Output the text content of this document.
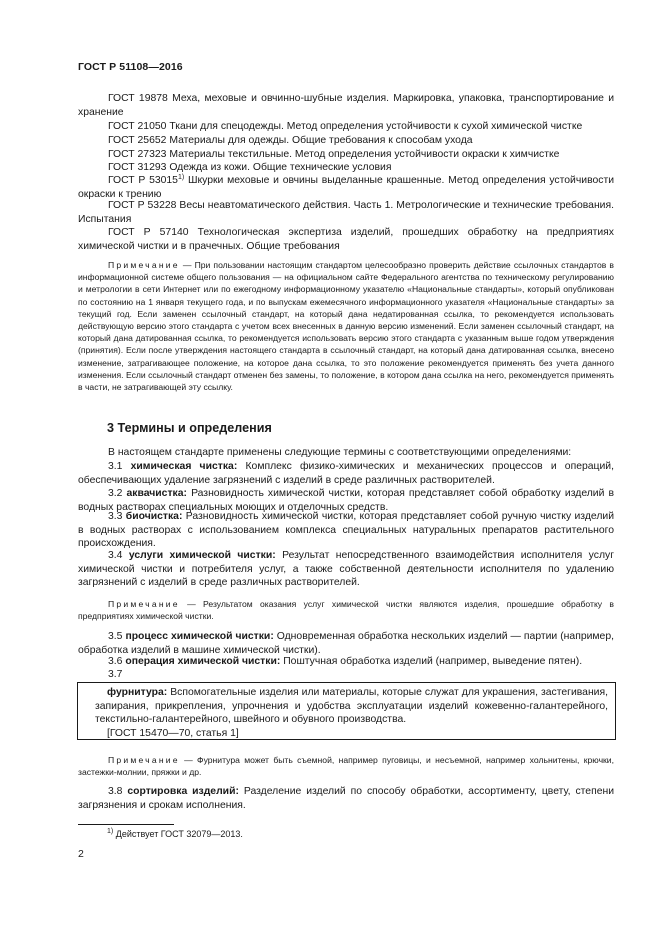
ГОСТ Р 51108—2016
ГОСТ 19878 Меха, меховые и овчинно-шубные изделия. Маркировка, упаковка, транспортирование и хранение
ГОСТ 21050 Ткани для спецодежды. Метод определения устойчивости к сухой химической чистке
ГОСТ 25652 Материалы для одежды. Общие требования к способам ухода
ГОСТ 27323 Материалы текстильные. Метод определения устойчивости окраски к химчистке
ГОСТ 31293 Одежда из кожи. Общие технические условия
ГОСТ Р 53015$^{1)}$ Шкурки меховые и овчины выделанные крашенные. Метод определения устойчивости окраски к трению
ГОСТ Р 53228 Весы неавтоматического действия. Часть 1. Метрологические и технические требования. Испытания
ГОСТ Р 57140 Технологическая экспертиза изделий, прошедших обработку на предприятиях химической чистки и в прачечных. Общие требования
Примечание — При пользовании настоящим стандартом целесообразно проверить действие ссылочных стандартов в информационной системе общего пользования — на официальном сайте Федерального агентства по техническому регулированию и метрологии в сети Интернет или по ежегодному информационному указателю «Национальные стандарты», который опубликован по состоянию на 1 января текущего года, и по выпускам ежемесячного информационного указателя «Национальные стандарты» за текущий год. Если заменен ссылочный стандарт, на который дана недатированная ссылка, то рекомендуется использовать действующую версию этого стандарта с учетом всех внесенных в данную версию изменений. Если заменен ссылочный стандарт, на который дана датированная ссылка, то рекомендуется использовать версию этого стандарта с указанным выше годом утверждения (принятия). Если после утверждения настоящего стандарта в ссылочный стандарт, на который дана датированная ссылка, внесено изменение, затрагивающее положение, на которое дана ссылка, то это положение рекомендуется применять без учета данного изменения. Если ссылочный стандарт отменен без замены, то положение, в котором дана ссылка на него, рекомендуется применять в части, не затрагивающей эту ссылку.
3 Термины и определения
В настоящем стандарте применены следующие термины с соответствующими определениями:
3.1 химическая чистка: Комплекс физико-химических и механических процессов и операций, обеспечивающих удаление загрязнений с изделий в среде различных растворителей.
3.2 аквачистка: Разновидность химической чистки, которая представляет собой обработку изделий в водных растворах специальных моющих и отделочных средств.
3.3 биочистка: Разновидность химической чистки, которая представляет собой ручную чистку изделий в водных растворах с использованием комплекса специальных натуральных препаратов растительного происхождения.
3.4 услуги химической чистки: Результат непосредственного взаимодействия исполнителя услуг химической чистки и потребителя услуг, а также собственной деятельности исполнителя по удалению загрязнений с изделий в среде различных растворителей.
Примечание — Результатом оказания услуг химической чистки являются изделия, прошедшие обработку в предприятиях химической чистки.
3.5 процесс химической чистки: Одновременная обработка нескольких изделий — партии (например, обработка изделий в машине химической чистки).
3.6 операция химической чистки: Поштучная обработка изделий (например, выведение пятен).
3.7
фурнитура: Вспомогательные изделия или материалы, которые служат для украшения, застегивания, запирания, прикрепления, упрочнения и удобства эксплуатации изделий кожевенно-галантерейного, текстильно-галантерейного, швейного и обувного производства.
[ГОСТ 15470—70, статья 1]
Примечание — Фурнитура может быть съемной, например пуговицы, и несъемной, например хольнитены, крючки, застежки-молнии, пряжки и др.
3.8 сортировка изделий: Разделение изделий по способу обработки, ассортименту, цвету, степени загрязнения и срокам исполнения.
$^{1)}$ Действует ГОСТ 32079—2013.
2
